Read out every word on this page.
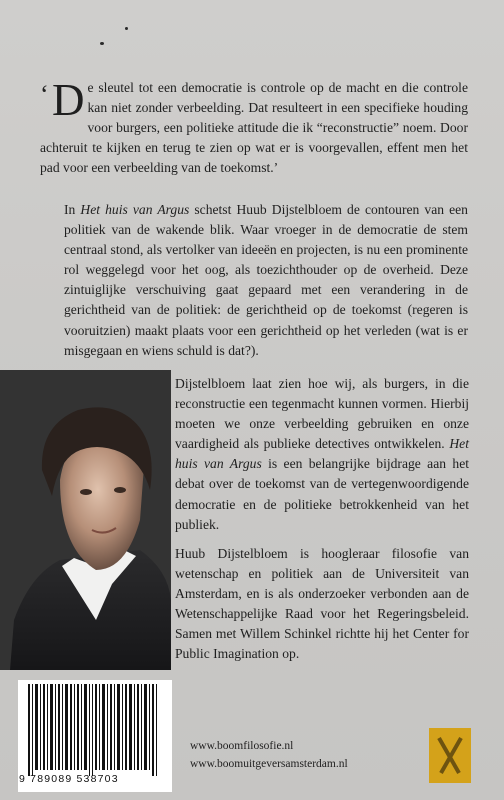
‘ D e sleutel tot een democratie is controle op de macht en die controle kan niet zonder verbeelding. Dat resulteert in een specifieke houding voor burgers, een politieke attitude die ik “reconstructie” noem. Door achteruit te kijken en terug te zien op wat er is voorgevallen, effent men het pad voor een verbeelding van de toekomst.’
In Het huis van Argus schetst Huub Dijstelbloem de contouren van een politiek van de wakende blik. Waar vroeger in de democratie de stem centraal stond, als vertolker van ideeën en projecten, is nu een prominente rol weggelegd voor het oog, als toezichthouder op de overheid. Deze zintuiglijke verschuiving gaat gepaard met een verandering in de gerichtheid van de politiek: de gerichtheid op de toekomst (regeren is vooruitzien) maakt plaats voor een gerichtheid op het verleden (wat is er misgegaan en wiens schuld is dat?).
Dijstelbloem laat zien hoe wij, als burgers, in die reconstructie een tegenmacht kunnen vormen. Hierbij moeten we onze verbeelding gebruiken en onze vaardigheid als publieke detectives ontwikkelen. Het huis van Argus is een belangrijke bijdrage aan het debat over de toekomst van de vertegenwoordigende democratie en de politieke betrokkenheid van het publiek.
Huub Dijstelbloem is hoogleraar filosofie van wetenschap en politiek aan de Universiteit van Amsterdam, en is als onderzoeker verbonden aan de Wetenschappelijke Raad voor het Regeringsbeleid. Samen met Willem Schinkel richtte hij het Center for Public Imagination op.
9 789089 538703
www.boomfilosofie.nl
www.boomuitgeversamsterdam.nl
